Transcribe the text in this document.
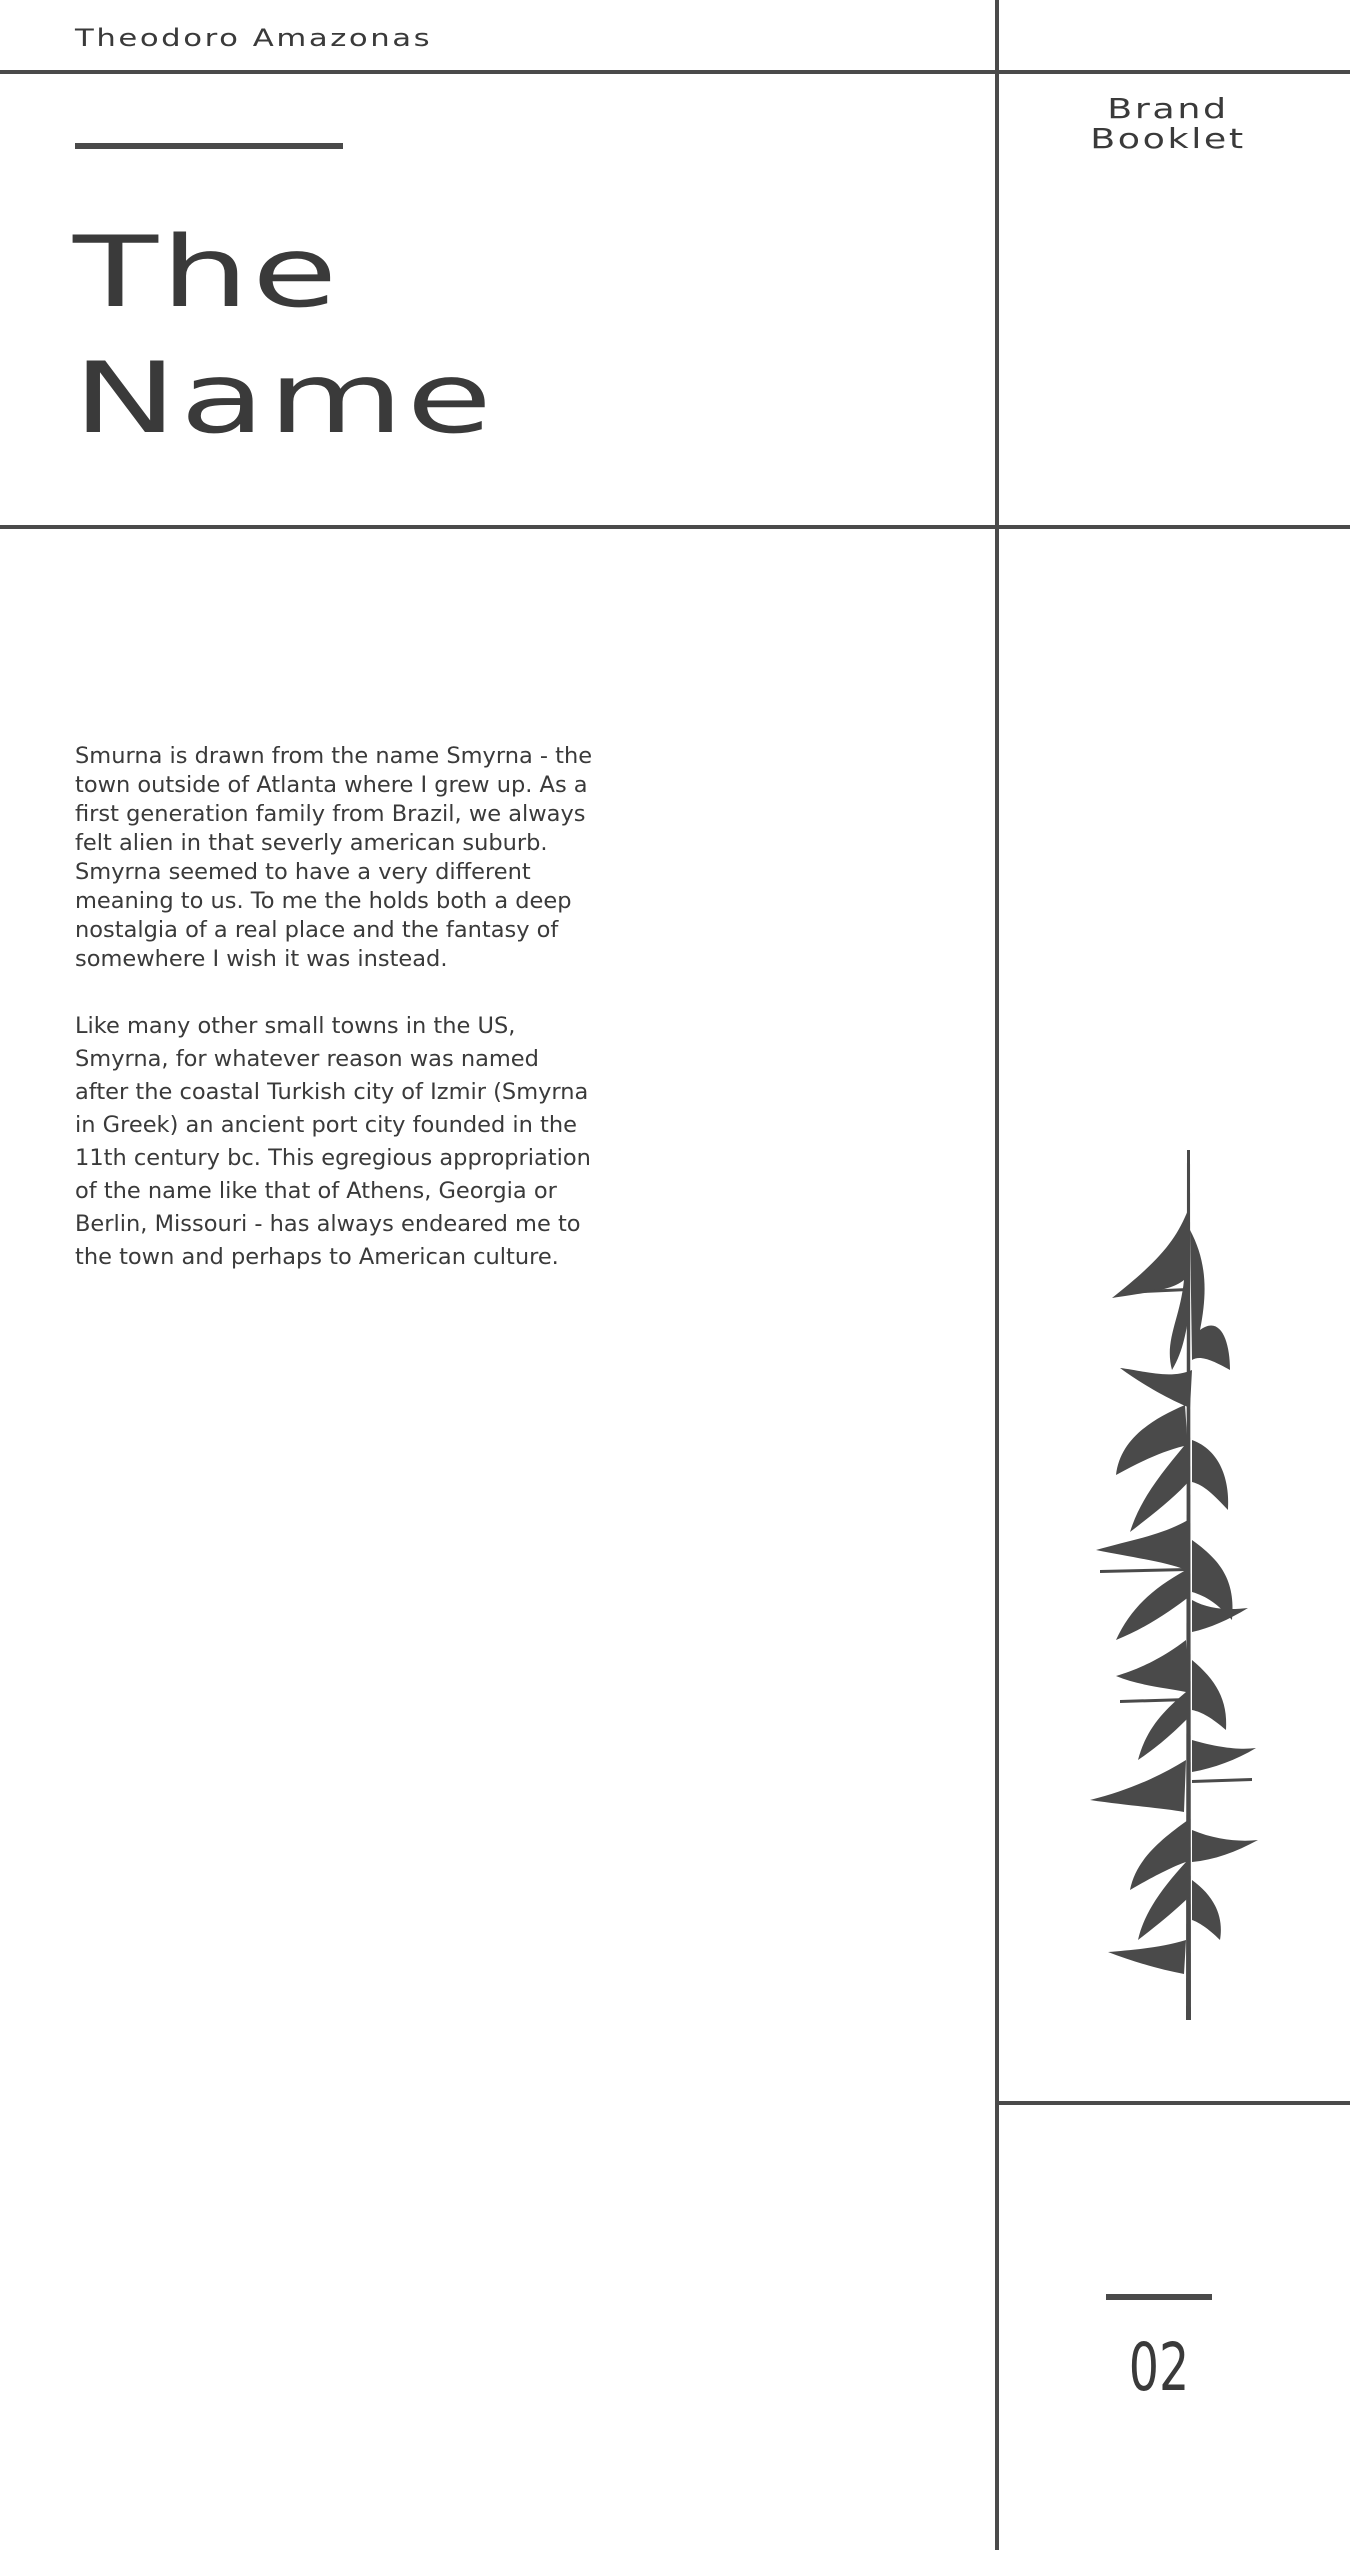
Theodoro Amazonas
Brand
Booklet
The
Name
Smurna is drawn from the name Smyrna - the
town outside of Atlanta where I grew up. As a
first generation family from Brazil, we always
felt alien in that severly american suburb.
Smyrna seemed to have a very different
meaning to us. To me the holds both a deep
nostalgia of a real place and the fantasy of
somewhere I wish it was instead.
Like many other small towns in the US,
Smyrna, for whatever reason was named
after the coastal Turkish city of Izmir (Smyrna
in Greek) an ancient port city founded in the
11th century bc. This egregious appropriation
of the name like that of Athens, Georgia or
Berlin, Missouri - has always endeared me to
the town and perhaps to American culture.
02
